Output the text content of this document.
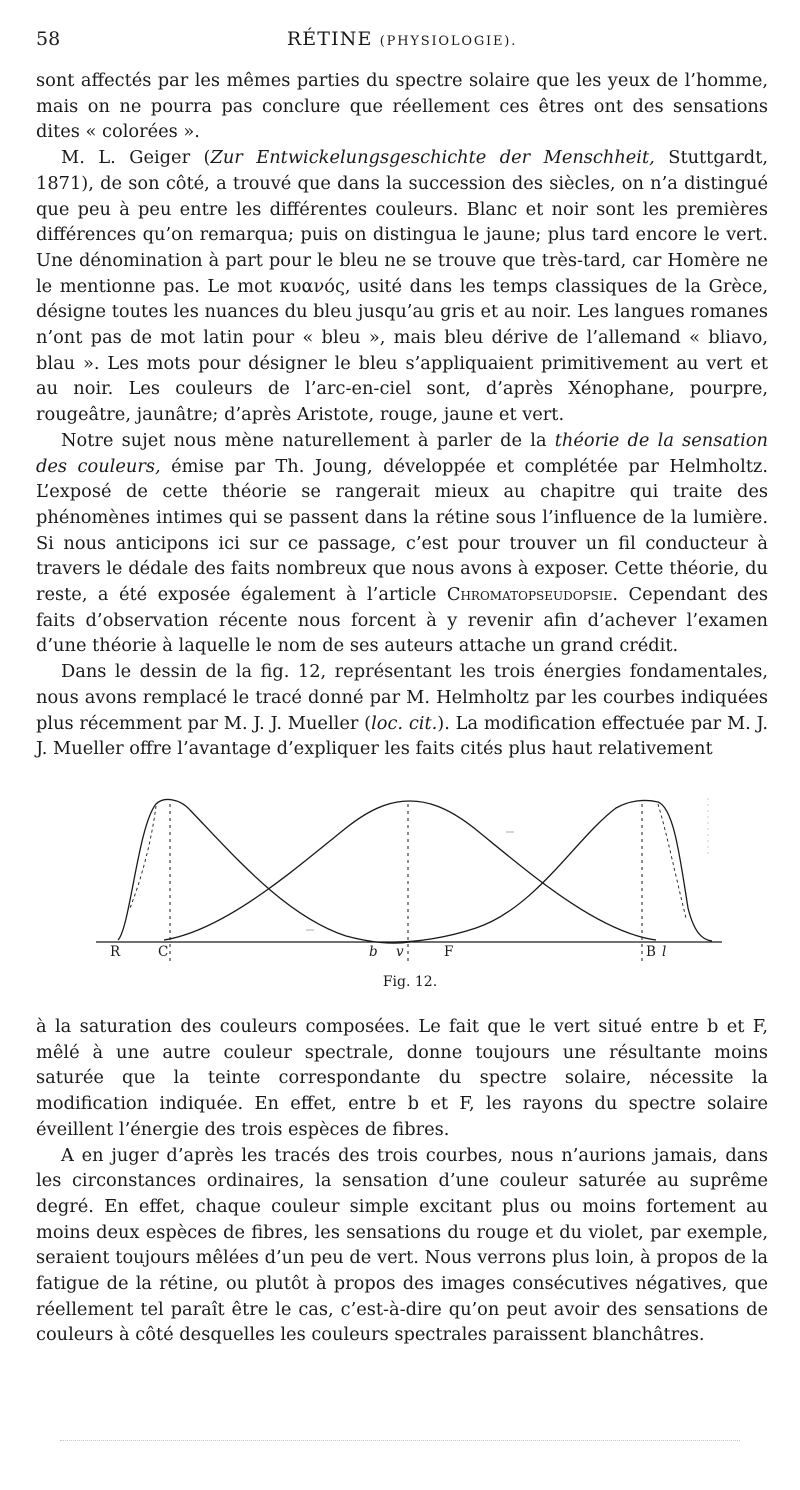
58	RÉTINE (PHYSIOLOGIE).

sont affectés par les mêmes parties du spectre solaire que les yeux de l’homme, mais on ne pourra pas conclure que réellement ces êtres ont des sensations dites « colorées ».

M. L. Geiger (Zur Entwickelungsgeschichte der Menschheit, Stuttgardt, 1871), de son côté, a trouvé que dans la succession des siècles, on n’a distingué que peu à peu entre les différentes couleurs. Blanc et noir sont les premières différences qu’on remarqua; puis on distingua le jaune; plus tard encore le vert. Une dénomination à part pour le bleu ne se trouve que très-tard, car Homère ne le mentionne pas. Le mot κυανός, usité dans les temps classiques de la Grèce, désigne toutes les nuances du bleu jusqu’au gris et au noir. Les langues romanes n’ont pas de mot latin pour « bleu », mais bleu dérive de l’allemand « bliavo, blau ». Les mots pour désigner le bleu s’appliquaient primitivement au vert et au noir. Les couleurs de l’arc-en-ciel sont, d’après Xénophane, pourpre, rougeâtre, jaunâtre; d’après Aristote, rouge, jaune et vert.

Notre sujet nous mène naturellement à parler de la théorie de la sensation des couleurs, émise par Th. Joung, développée et complétée par Helmholtz. L’exposé de cette théorie se rangerait mieux au chapitre qui traite des phénomènes intimes qui se passent dans la rétine sous l’influence de la lumière. Si nous anticipons ici sur ce passage, c’est pour trouver un fil conducteur à travers le dédale des faits nombreux que nous avons à exposer. Cette théorie, du reste, a été exposée également à l’article Chromatopseudopsie. Cependant des faits d’observation récente nous forcent à y revenir afin d’achever l’examen d’une théorie à laquelle le nom de ses auteurs attache un grand crédit.

Dans le dessin de la fig. 12, représentant les trois énergies fondamentales, nous avons remplacé le tracé donné par M. Helmholtz par les courbes indiquées plus récemment par M. J. J. Mueller (loc. cit.). La modification effectuée par M. J. J. Mueller offre l’avantage d’expliquer les faits cités plus haut relativement

R	C	b v	F	B l
Fig. 12.

à la saturation des couleurs composées. Le fait que le vert situé entre b et F, mêlé à une autre couleur spectrale, donne toujours une résultante moins saturée que la teinte correspondante du spectre solaire, nécessite la modification indiquée. En effet, entre b et F, les rayons du spectre solaire éveillent l’énergie des trois espèces de fibres.

A en juger d’après les tracés des trois courbes, nous n’aurions jamais, dans les circonstances ordinaires, la sensation d’une couleur saturée au suprême degré. En effet, chaque couleur simple excitant plus ou moins fortement au moins deux espèces de fibres, les sensations du rouge et du violet, par exemple, seraient toujours mêlées d’un peu de vert. Nous verrons plus loin, à propos de la fatigue de la rétine, ou plutôt à propos des images consécutives négatives, que réellement tel paraît être le cas, c’est-à-dire qu’on peut avoir des sensations de couleurs à côté desquelles les couleurs spectrales paraissent blanchâtres.
